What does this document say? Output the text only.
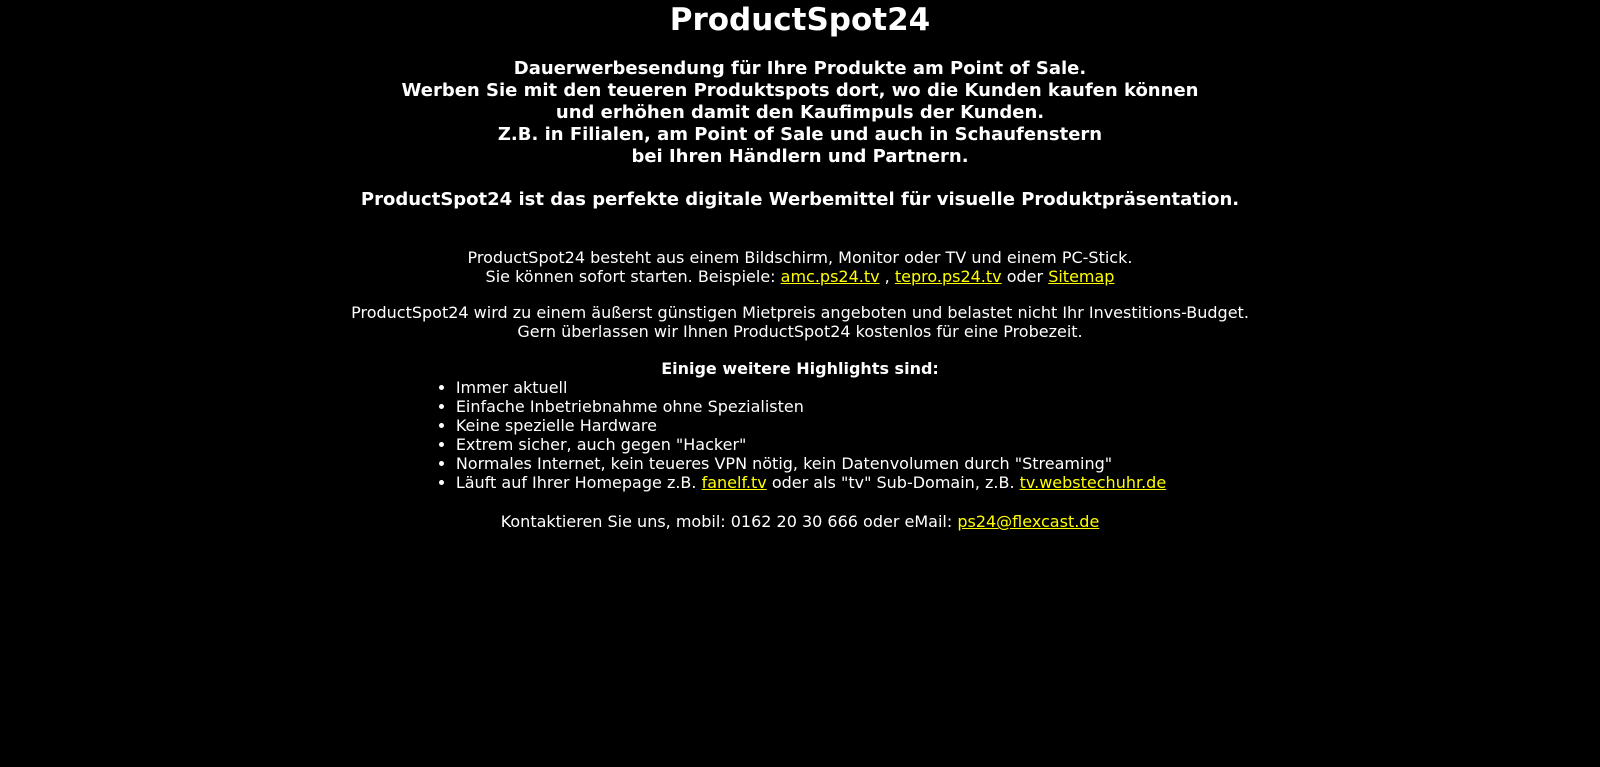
ProductSpot24

Dauerwerbesendung für Ihre Produkte am Point of Sale.
Werben Sie mit den teueren Produktspots dort, wo die Kunden kaufen können
und erhöhen damit den Kaufimpuls der Kunden.
Z.B. in Filialen, am Point of Sale und auch in Schaufenstern
bei Ihren Händlern und Partnern.

ProductSpot24 ist das perfekte digitale Werbemittel für visuelle Produktpräsentation.

ProductSpot24 besteht aus einem Bildschirm, Monitor oder TV und einem PC-Stick.
Sie können sofort starten. Beispiele: amc.ps24.tv , tepro.ps24.tv oder Sitemap

ProductSpot24 wird zu einem äußerst günstigen Mietpreis angeboten und belastet nicht Ihr Investitions-Budget.
Gern überlassen wir Ihnen ProductSpot24 kostenlos für eine Probezeit.

Einige weitere Highlights sind:

• Immer aktuell
• Einfache Inbetriebnahme ohne Spezialisten
• Keine spezielle Hardware
• Extrem sicher, auch gegen "Hacker"
• Normales Internet, kein teueres VPN nötig, kein Datenvolumen durch "Streaming"
• Läuft auf Ihrer Homepage z.B. fanelf.tv oder als "tv" Sub-Domain, z.B. tv.webstechuhr.de

Kontaktieren Sie uns, mobil: 0162 20 30 666 oder eMail: ps24@flexcast.de
